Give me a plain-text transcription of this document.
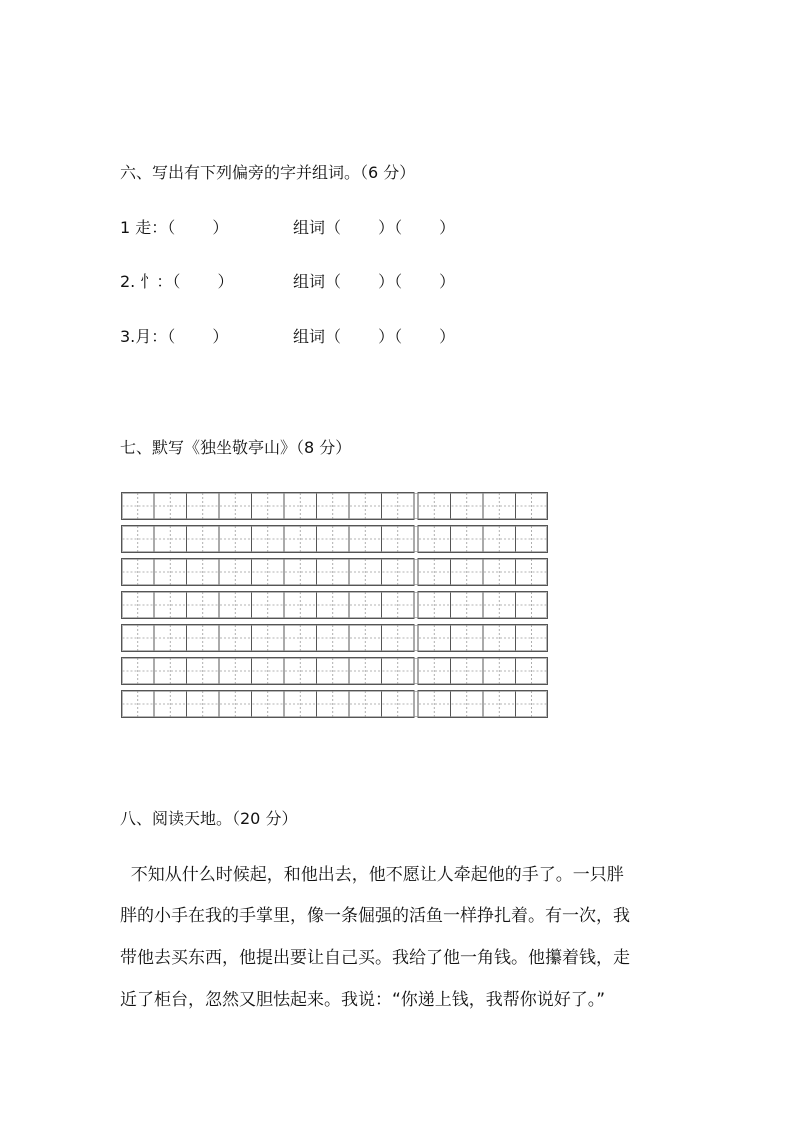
六、写出有下列偏旁的字并组词。（6 分）
1 走：（　　 ）	组词（　　 ）（　　 ）
2. 忄：（　　 ）	组词（　　 ）（　　 ）
3.月：（　　 ）	组词（　　 ）（　　 ）
七、默写《独坐敬亭山》（8 分）
八、阅读天地。（20 分）
不知从什么时候起，和他出去，他不愿让人牵起他的手了。一只胖
胖的小手在我的手掌里，像一条倔强的活鱼一样挣扎着。有一次，我
带他去买东西，他提出要让自己买。我给了他一角钱。他攥着钱，走
近了柜台，忽然又胆怯起来。我说：“你递上钱，我帮你说好了。”
